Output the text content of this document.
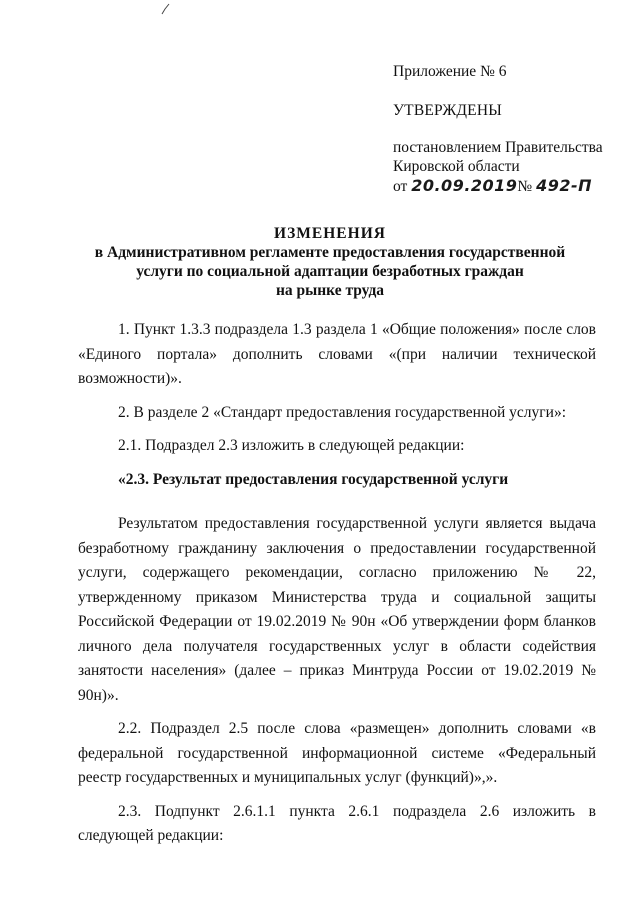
Приложение № 6

УТВЕРЖДЕНЫ

постановлением Правительства
Кировской области
от 20.09.2019№ 492-П

ИЗМЕНЕНИЯ

в Административном регламенте предоставления государственной

услуги по социальной адаптации безработных граждан

на рынке труда

1. Пункт 1.3.3 подраздела 1.3 раздела 1 «Общие положения» после слов «Единого портала» дополнить словами «(при наличии технической возможности)».

2. В разделе 2 «Стандарт предоставления государственной услуги»:

2.1. Подраздел 2.3 изложить в следующей редакции:

«2.3. Результат предоставления государственной услуги

Результатом предоставления государственной услуги является выдача безработному гражданину заключения о предоставлении государственной услуги, содержащего рекомендации, согласно приложению № 22, утвержденному приказом Министерства труда и социальной защиты Российской Федерации от 19.02.2019 № 90н «Об утверждении форм бланков личного дела получателя государственных услуг в области содействия занятости населения» (далее – приказ Минтруда России от 19.02.2019 № 90н)».

2.2. Подраздел 2.5 после слова «размещен» дополнить словами «в федеральной государственной информационной системе «Федеральный реестр государственных и муниципальных услуг (функций)»,».

2.3. Подпункт 2.6.1.1 пункта 2.6.1 подраздела 2.6 изложить в следующей редакции:
